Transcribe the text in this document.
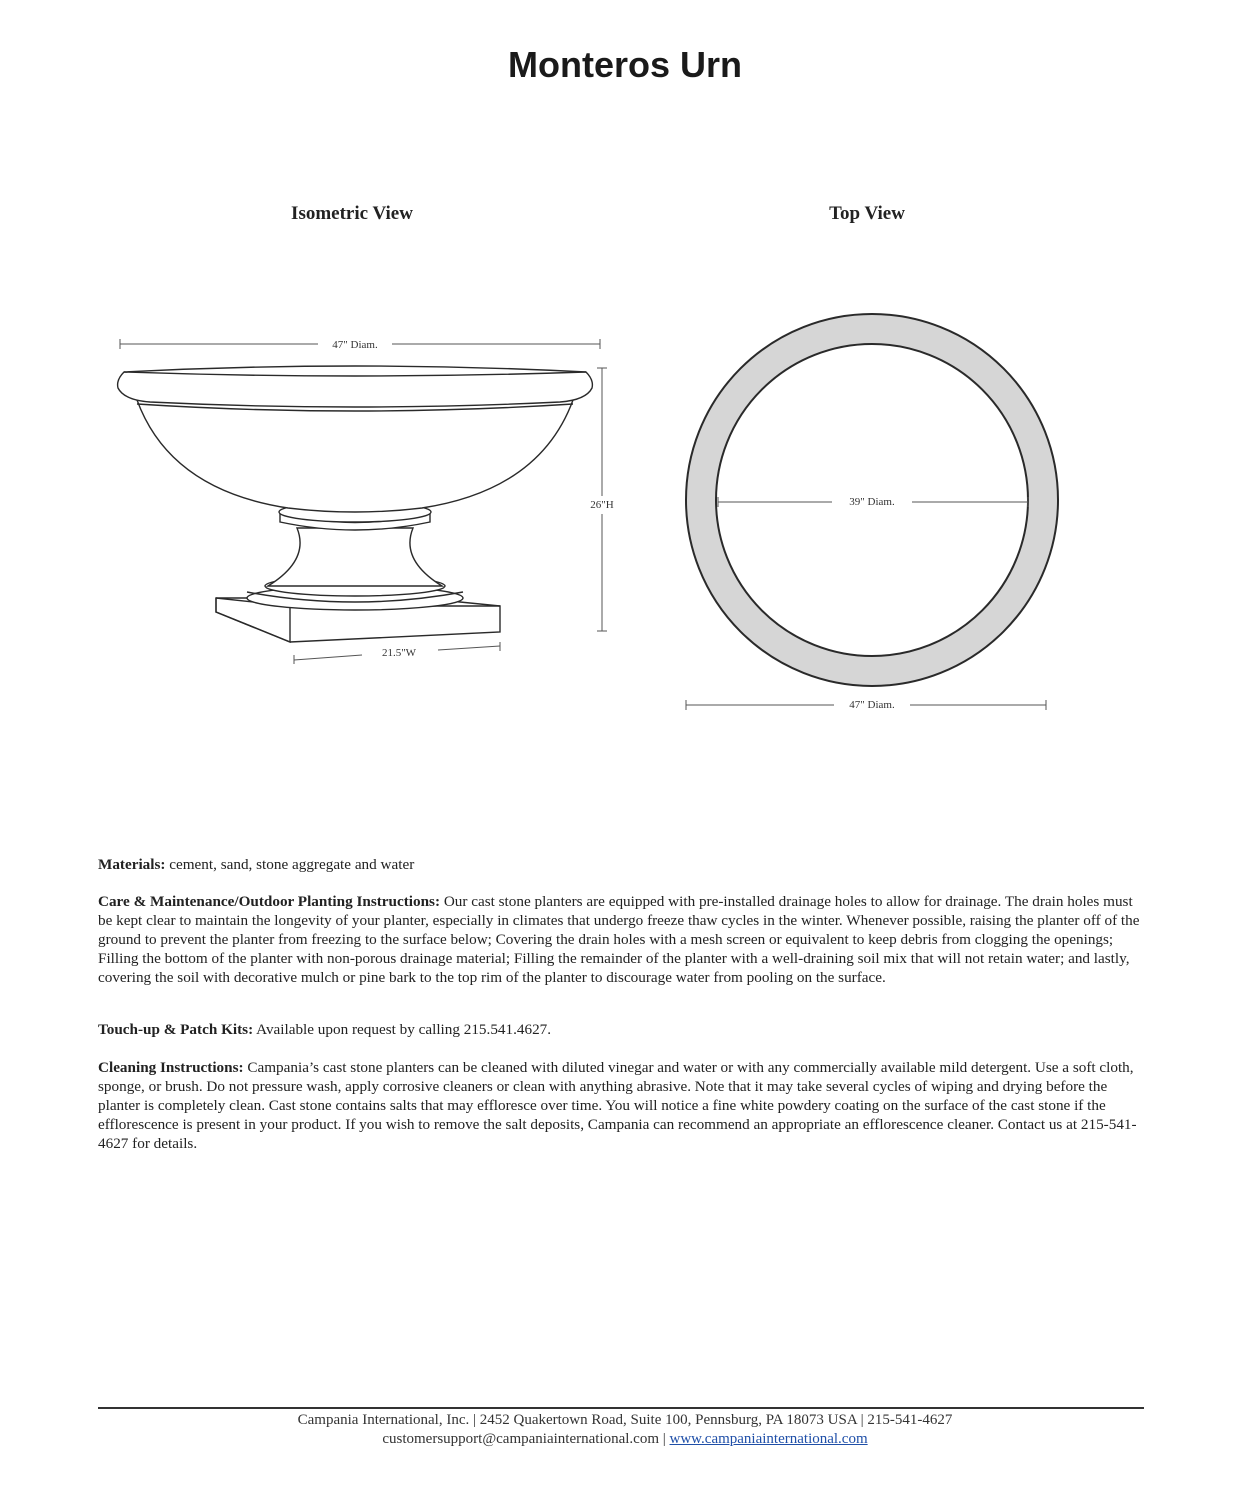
Monteros Urn
Isometric View	Top View
47" Diam.
26"H
21.5"W
39" Diam.
47" Diam.
Materials: cement, sand, stone aggregate and water
Care & Maintenance/Outdoor Planting Instructions: Our cast stone planters are equipped with pre-installed drainage holes to allow for drainage. The drain holes must be kept clear to maintain the longevity of your planter, especially in climates that undergo freeze thaw cycles in the winter. Whenever possible, raising the planter off of the ground to prevent the planter from freezing to the surface below; Covering the drain holes with a mesh screen or equivalent to keep debris from clogging the openings; Filling the bottom of the planter with non-porous drainage material; Filling the remainder of the planter with a well-draining soil mix that will not retain water; and lastly, covering the soil with decorative mulch or pine bark to the top rim of the planter to discourage water from pooling on the surface.
Touch-up & Patch Kits: Available upon request by calling 215.541.4627.
Cleaning Instructions: Campania’s cast stone planters can be cleaned with diluted vinegar and water or with any commercially available mild detergent. Use a soft cloth, sponge, or brush. Do not pressure wash, apply corrosive cleaners or clean with anything abrasive. Note that it may take several cycles of wiping and drying before the planter is completely clean. Cast stone contains salts that may effloresce over time. You will notice a fine white powdery coating on the surface of the cast stone if the efflorescence is present in your product. If you wish to remove the salt deposits, Campania can recommend an appropriate an efflorescence cleaner. Contact us at 215-541-4627 for details.
Campania International, Inc. | 2452 Quakertown Road, Suite 100, Pennsburg, PA 18073 USA | 215-541-4627
customersupport@campaniainternational.com | www.campaniainternational.com
